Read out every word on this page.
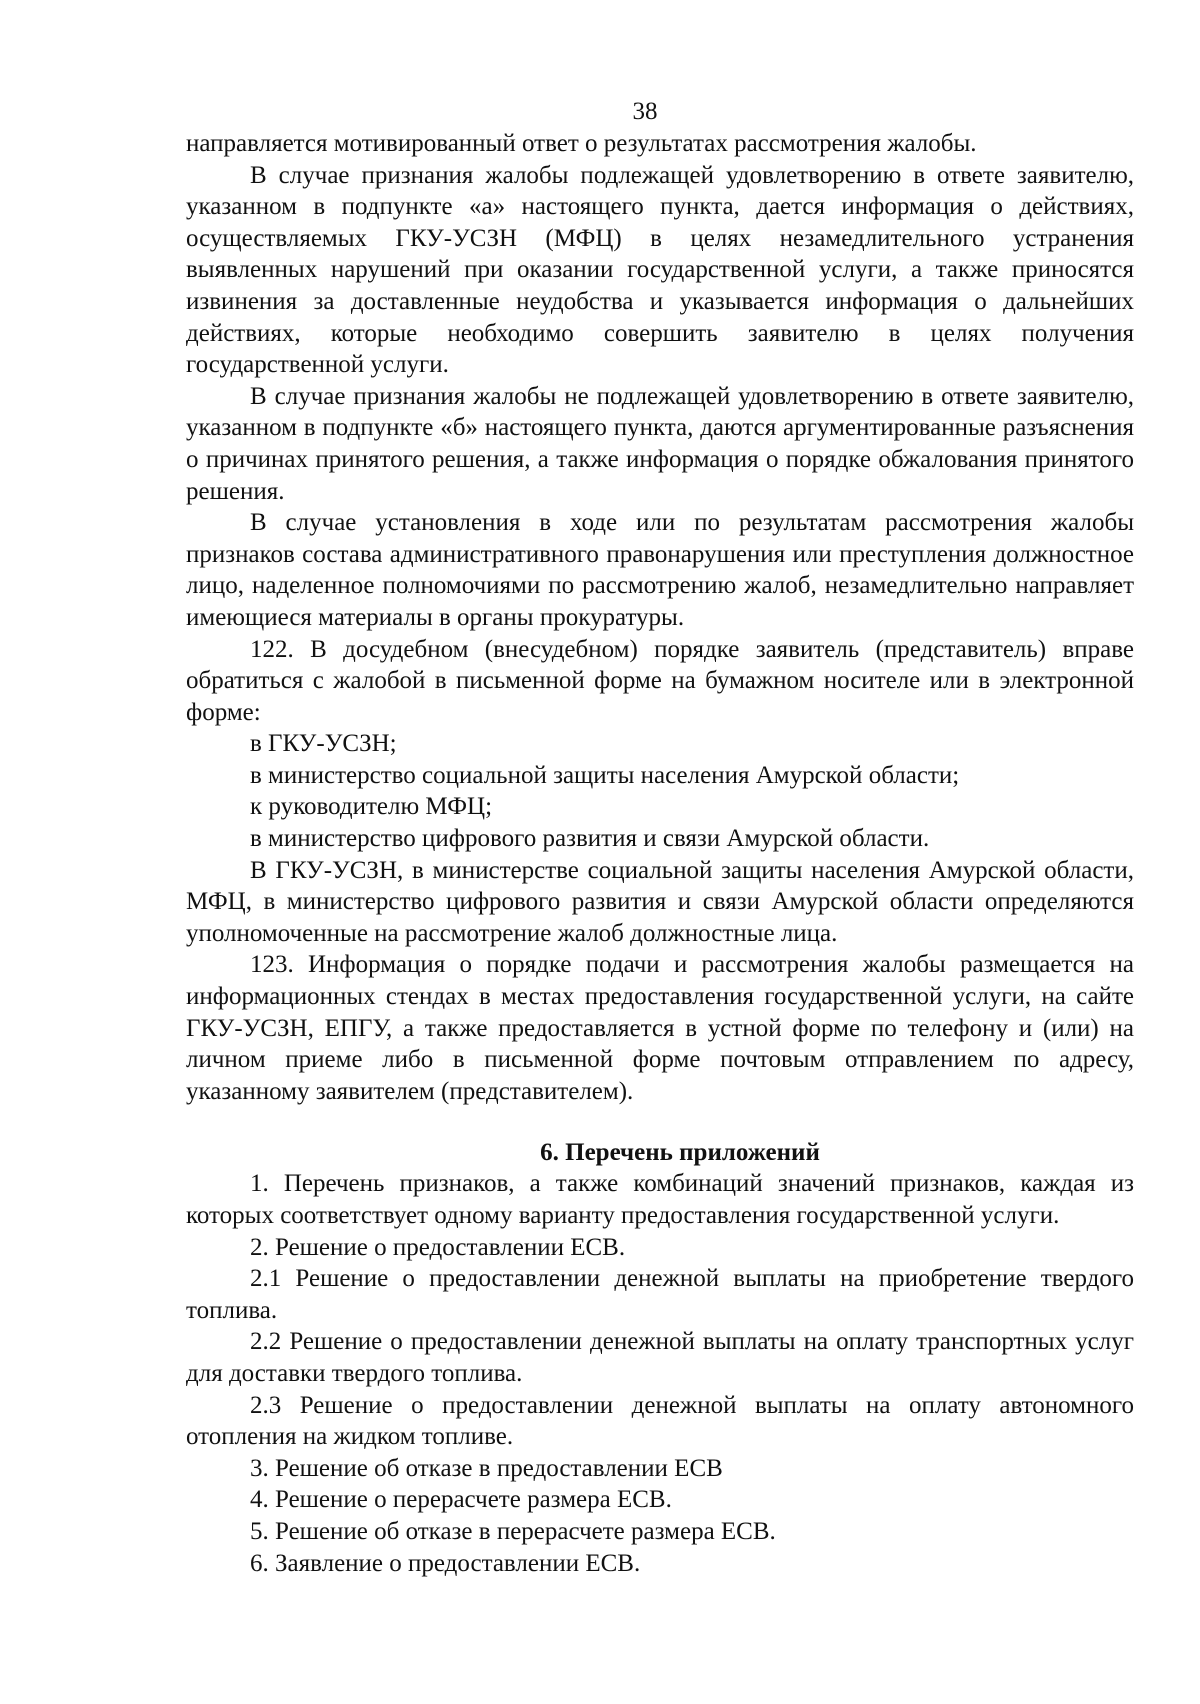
38

направляется мотивированный ответ о результатах рассмотрения жалобы.

В случае признания жалобы подлежащей удовлетворению в ответе заявителю, указанном в подпункте «а» настоящего пункта, дается информация о действиях, осуществляемых ГКУ-УСЗН (МФЦ) в целях незамедлительного устранения выявленных нарушений при оказании государственной услуги, а также приносятся извинения за доставленные неудобства и указывается информация о дальнейших действиях, которые необходимо совершить заявителю в целях получения государственной услуги.

В случае признания жалобы не подлежащей удовлетворению в ответе заявителю, указанном в подпункте «б» настоящего пункта, даются аргументированные разъяснения о причинах принятого решения, а также информация о порядке обжалования принятого решения.

В случае установления в ходе или по результатам рассмотрения жалобы признаков состава административного правонарушения или преступления должностное лицо, наделенное полномочиями по рассмотрению жалоб, незамедлительно направляет имеющиеся материалы в органы прокуратуры.

122. В досудебном (внесудебном) порядке заявитель (представитель) вправе обратиться с жалобой в письменной форме на бумажном носителе или в электронной форме:

в ГКУ-УСЗН;

в министерство социальной защиты населения Амурской области;

к руководителю МФЦ;

в министерство цифрового развития и связи Амурской области.

В ГКУ-УСЗН, в министерстве социальной защиты населения Амурской области, МФЦ, в министерство цифрового развития и связи Амурской области определяются уполномоченные на рассмотрение жалоб должностные лица.

123. Информация о порядке подачи и рассмотрения жалобы размещается на информационных стендах в местах предоставления государственной услуги, на сайте ГКУ-УСЗН, ЕПГУ, а также предоставляется в устной форме по телефону и (или) на личном приеме либо в письменной форме почтовым отправлением по адресу, указанному заявителем (представителем).

6. Перечень приложений

1. Перечень признаков, а также комбинаций значений признаков, каждая из которых соответствует одному варианту предоставления государственной услуги.

2. Решение о предоставлении ЕСВ.

2.1 Решение о предоставлении денежной выплаты на приобретение твердого топлива.

2.2 Решение о предоставлении денежной выплаты на оплату транспортных услуг для доставки твердого топлива.

2.3 Решение о предоставлении денежной выплаты на оплату автономного отопления на жидком топливе.

3. Решение об отказе в предоставлении ЕСВ

4. Решение о перерасчете размера ЕСВ.

5. Решение об отказе в перерасчете размера ЕСВ.

6. Заявление о предоставлении ЕСВ.
